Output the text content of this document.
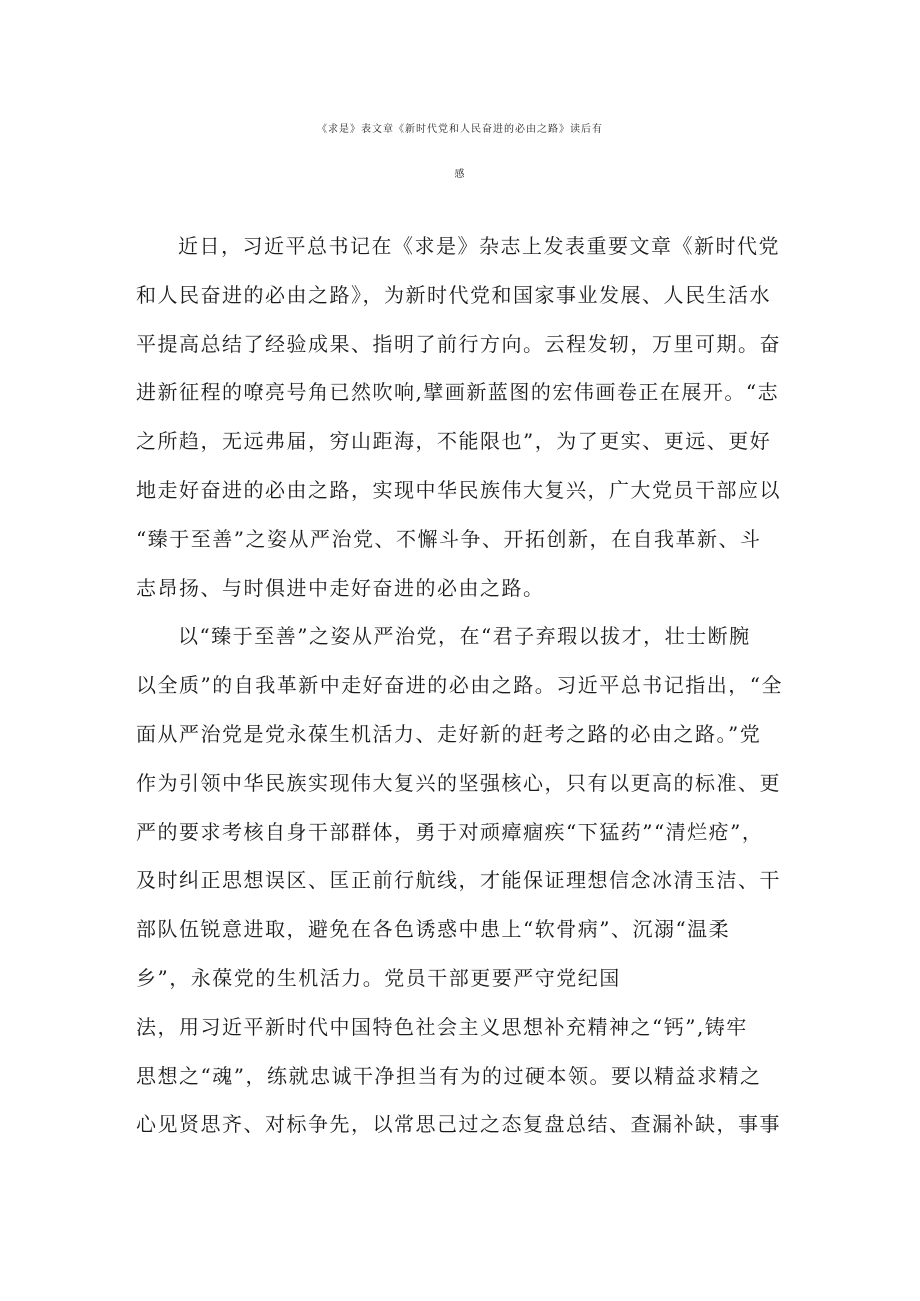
《求是》表文章《新时代党和人民奋进的必由之路》读后有
感
近日，习近平总书记在《求是》杂志上发表重要文章《新时代党
和人民奋进的必由之路》，为新时代党和国家事业发展、人民生活水
平提高总结了经验成果、指明了前行方向。云程发轫，万里可期。奋
进新征程的嘹亮号角已然吹响,擘画新蓝图的宏伟画卷正在展开。“志
之所趋，无远弗届，穷山距海，不能限也”，为了更实、更远、更好
地走好奋进的必由之路，实现中华民族伟大复兴，广大党员干部应以
“臻于至善”之姿从严治党、不懈斗争、开拓创新，在自我革新、斗
志昂扬、与时俱进中走好奋进的必由之路。
以“臻于至善”之姿从严治党，在“君子弃瑕以拔才，壮士断腕
以全质”的自我革新中走好奋进的必由之路。习近平总书记指出，“全
面从严治党是党永葆生机活力、走好新的赶考之路的必由之路。”党
作为引领中华民族实现伟大复兴的坚强核心，只有以更高的标准、更
严的要求考核自身干部群体，勇于对顽瘴痼疾“下猛药”“清烂疮”，
及时纠正思想误区、匡正前行航线，才能保证理想信念冰清玉洁、干
部队伍锐意进取，避免在各色诱惑中患上“软骨病”、沉溺“温柔
乡”，永葆党的生机活力。党员干部更要严守党纪国
法，用习近平新时代中国特色社会主义思想补充精神之“钙”,铸牢
思想之“魂”，练就忠诚干净担当有为的过硬本领。要以精益求精之
心见贤思齐、对标争先，以常思己过之态复盘总结、查漏补缺，事事
